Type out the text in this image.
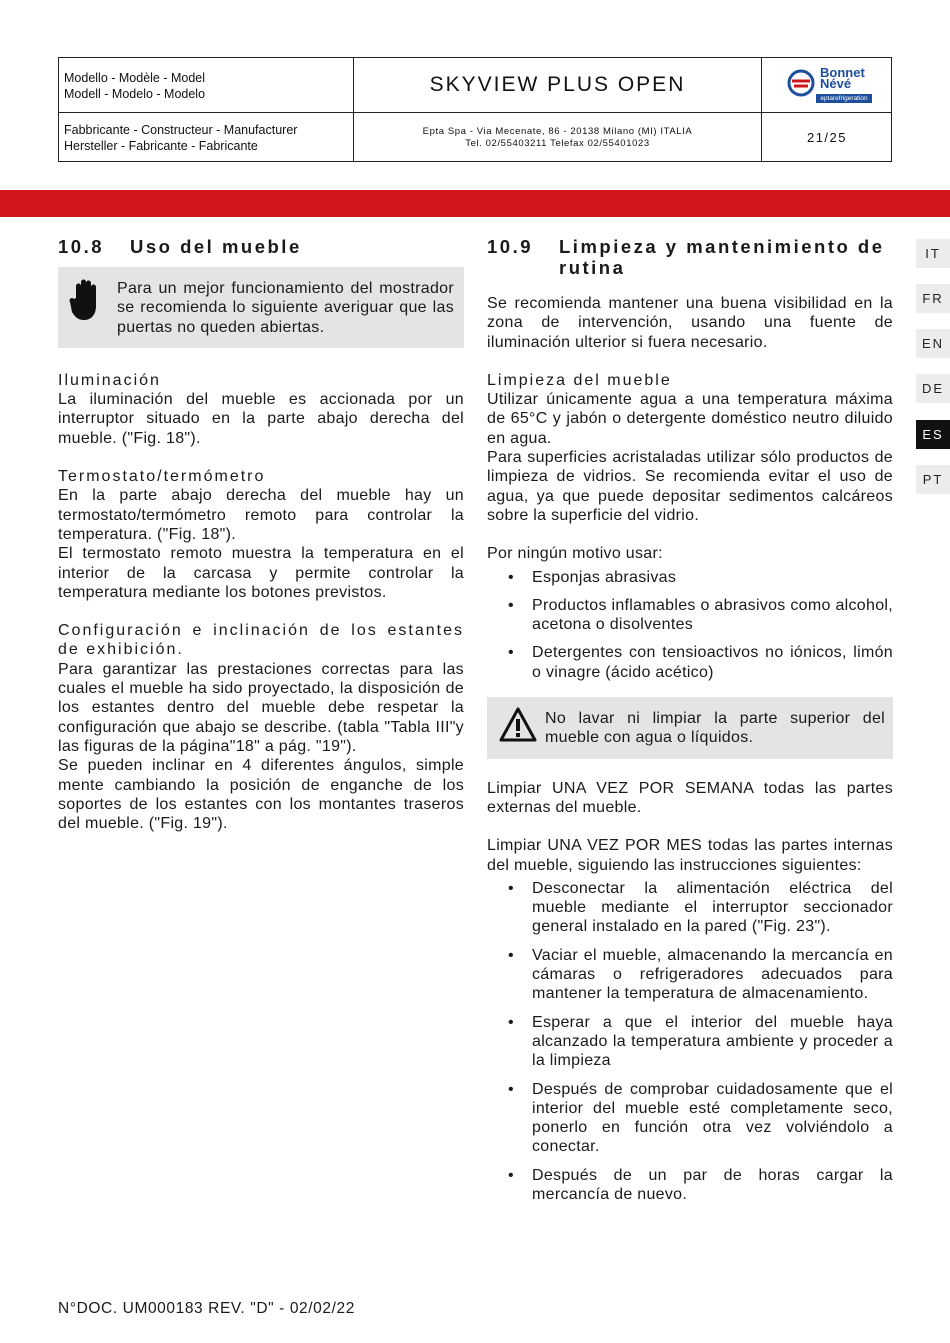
Modello - Modèle - Model
Modell - Modelo - Modelo	SKYVIEW PLUS OPEN
Bonnet
Névé
eptarefrigeration
Fabbricante - Constructeur - Manufacturer
Hersteller - Fabricante - Fabricante
Epta Spa - Via Mecenate, 86 - 20138 Milano (MI) ITALIA
Tel. 02/55403211 Telefax 02/55401023	21/25
IT
FR
EN
DE
ES
PT
10.8	Uso del mueble

Para un mejor funcionamiento del mostrador se recomienda lo siguiente averiguar que las puertas no queden abiertas.

Iluminación

La iluminación del mueble es accionada por un interruptor situado en la parte abajo derecha del mueble. ("Fig. 18").

Termostato/termómetro

En la parte abajo derecha del mueble hay un termostato/termómetro remoto para controlar la temperatura. ("Fig. 18").

El termostato remoto muestra la temperatura en el interior de la carcasa y permite controlar la temperatura mediante los botones previstos.

Configuración e inclinación de los estantes de exhibición.

Para garantizar las prestaciones correctas para las cuales el mueble ha sido proyectado, la disposición de los estantes dentro del mueble debe respetar la configuración que abajo se describe. (tabla "Tabla III"y las figuras de la página"18" a pág. "19").

Se pueden inclinar en 4 diferentes ángulos, simple mente cambiando la posición de enganche de los soportes de los estantes con los montantes traseros del mueble. ("Fig. 19").

10.9	Limpieza y mantenimiento de rutina

Se recomienda mantener una buena visibilidad en la zona de intervención, usando una fuente de iluminación ulterior si fuera necesario.

Limpieza del mueble

Utilizar únicamente agua a una temperatura máxima de 65°C y jabón o detergente doméstico neutro diluido en agua.

Para superficies acristaladas utilizar sólo productos de limpieza de vidrios. Se recomienda evitar el uso de agua, ya que puede depositar sedimentos calcáreos sobre la superficie del vidrio.

Por ningún motivo usar:
• Esponjas abrasivas
• Productos inflamables o abrasivos como alcohol, acetona o disolventes
• Detergentes con tensioactivos no iónicos, limón o vinagre (ácido acético)

No lavar ni limpiar la parte superior del mueble con agua o líquidos.

Limpiar UNA VEZ POR SEMANA todas las partes externas del mueble.

Limpiar UNA VEZ POR MES todas las partes internas del mueble, siguiendo las instrucciones siguientes:

• Desconectar la alimentación eléctrica del mueble mediante el interruptor seccionador general instalado en la pared ("Fig. 23").
• Vaciar el mueble, almacenando la mercancía en cámaras o refrigeradores adecuados para mantener la temperatura de almacenamiento.
• Esperar a que el interior del mueble haya alcanzado la temperatura ambiente y proceder a la limpieza
• Después de comprobar cuidadosamente que el interior del mueble esté completamente seco, ponerlo en función otra vez volviéndolo a conectar.
• Después de un par de horas cargar la mercancía de nuevo.
N°DOC. UM000183 REV. "D" - 02/02/22
